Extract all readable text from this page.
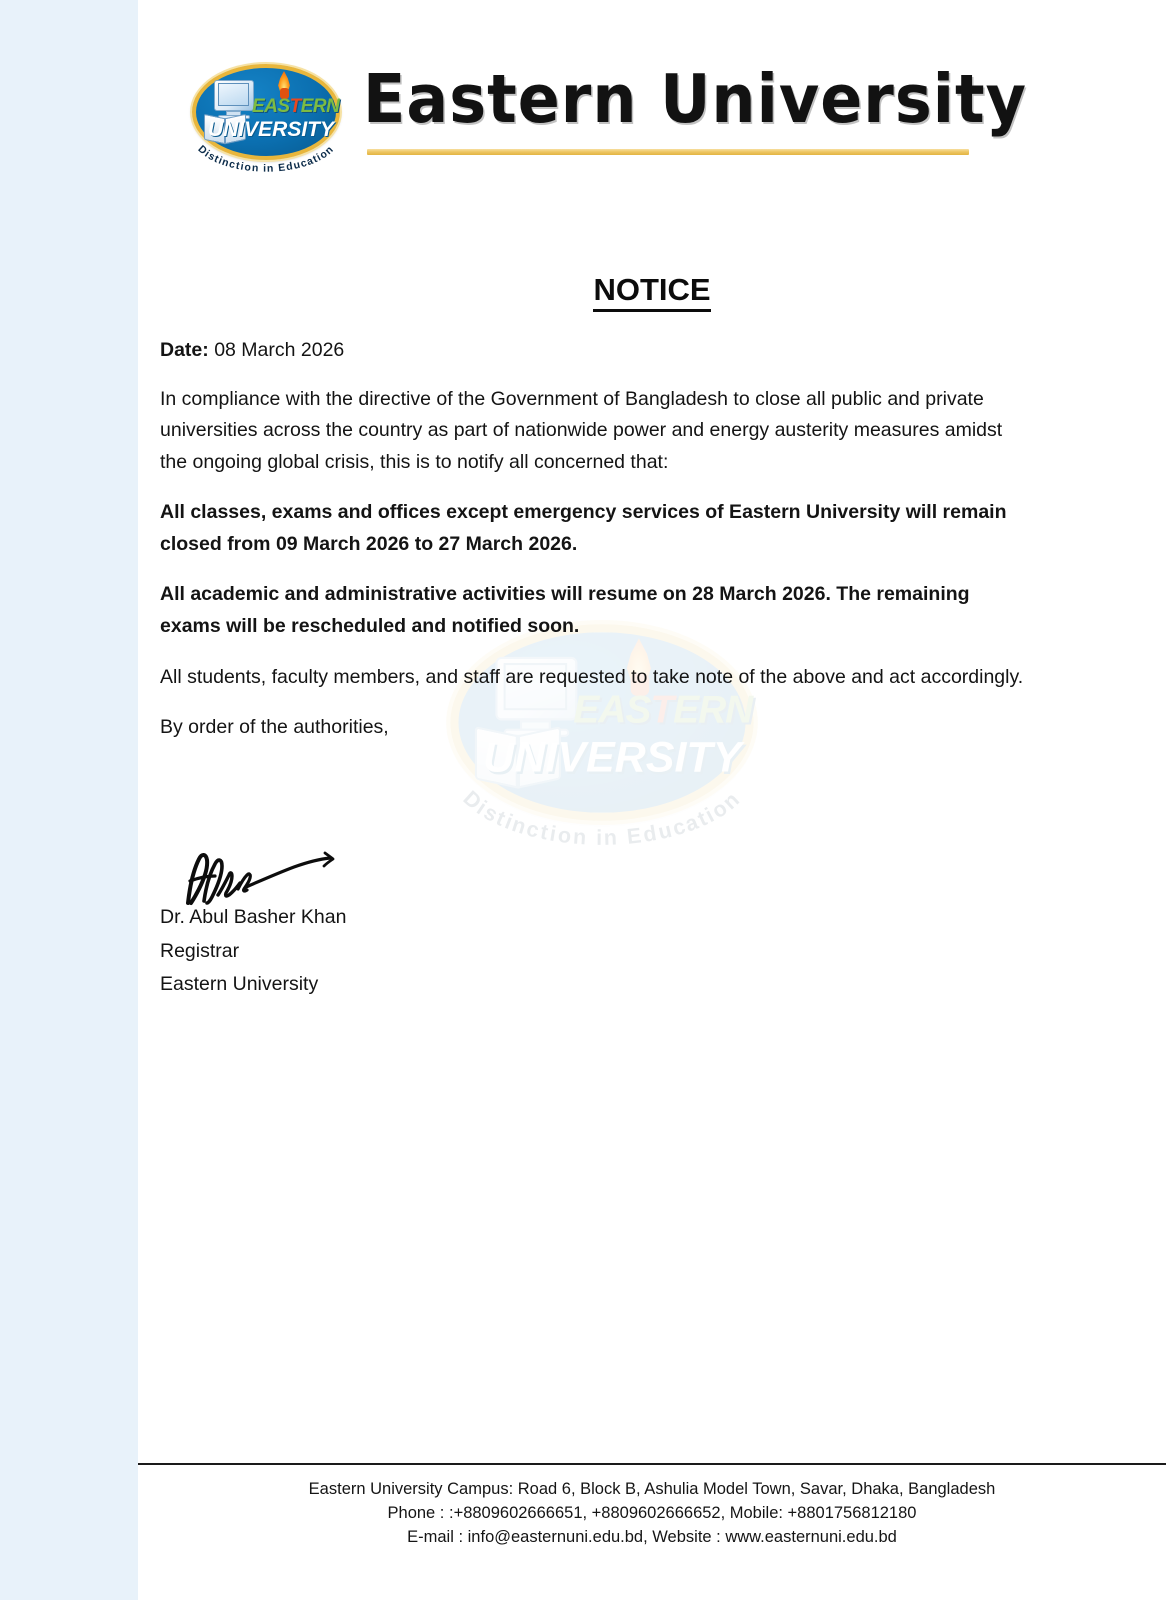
EASTERN
UNIVERSITY
Distinction in Education
EASTERN
UNIVERSITY
Distinction in Education
Eastern University
NOTICE

Date: 08 March 2026

In compliance with the directive of the Government of Bangladesh to close all public and private universities across the country as part of nationwide power and energy austerity measures amidst the ongoing global crisis, this is to notify all concerned that:

All classes, exams and offices except emergency services of Eastern University will remain closed from 09 March 2026 to 27 March 2026.

All academic and administrative activities will resume on 28 March 2026. The remaining exams will be rescheduled and notified soon.

All students, faculty members, and staff are requested to take note of the above and act accordingly.

By order of the authorities,

Dr. Abul Basher Khan
Registrar
Eastern University
Eastern University Campus: Road 6, Block B, Ashulia Model Town, Savar, Dhaka, Bangladesh
Phone : :+8809602666651, +8809602666652, Mobile: +8801756812180
E-mail : info@easternuni.edu.bd, Website : www.easternuni.edu.bd
